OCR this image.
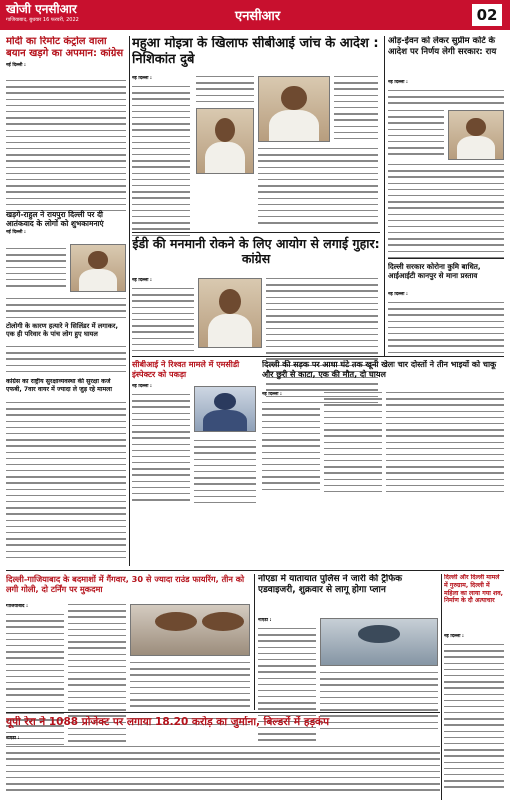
खोजी एनसीआर
गाजियाबाद, बुधवार 16 फरवरी, 2022	एनसीआर	02
मोदी का रिमोट कंट्रोल वाला बयान खड़गे का अपमान: कांग्रेस
नई दिल्ली :
खड़गे-राहुल ने रायपुरा दिल्ली पर दी आतंकवाद के लोगों को शुभकामनाएं
नई दिल्ली :
टोलोगी के कारण हत्यारे ने सिलिंडर में लगाकर, एक ही परिवार के पांच लोग हुए घायल
कांग्रेस का राष्ट्रीय सुरक्षाव्यवस्था की सुरक्षा कर्ज एफबी, 7वार वायर में ज्यादा ले जुड़ रहे मामला
महुआ मोइत्रा के खिलाफ सीबीआई जांच के आदेश : निशिकांत दुबे
नई दिल्ली :
ईडी की मनमानी रोकने के लिए आयोग से लगाई गुहार: कांग्रेस
नई दिल्ली :
सीबीआई ने रिश्वत मामले में एमसीडी इंस्पेक्टर को पकड़ा
नई दिल्ली :
दिल्ली की सड़क पर आधा घंटे तक खूनी खेलः चार दोस्तों ने तीन भाइयों को चाकू और छुरी से काटा, एक की मौत, दो घायल
नई दिल्ली :
ओड़-ईवन को लेकर सुप्रीम कोर्ट के आदेश पर निर्णय लेगी सरकार: राय
नई दिल्ली :
दिल्ली सरकार कोरोना कुमि बाधित, आईआईटी कानपुर से माना प्रस्ताव
नई दिल्ली :
दिल्ली-गाजियाबाद के बदमाशों में गैंगवार, 30 से ज्यादा राउंड फायरिंग, तीन को लगी गोली, दो टर्निंग पर मुकदमा
गाजियाबाद :
नोएडा में यातायात पुलिस ने जारी की ट्रैफिक एडवाइजरी, शुक्रवार से लागू होगा प्लान
नोएडा :
दिल्ली और दिल्ली मामले में गुरुग्राम, दिल्ली में महिला का लाया गया शव, निर्माण के दौ अत्याचार
नई दिल्ली :
यूपी रेरा ने 1088 प्रोजेक्ट पर लगाया 18.20 करोड़ का जुर्माना, बिल्डरों में हड़कंप
नोएडा :
